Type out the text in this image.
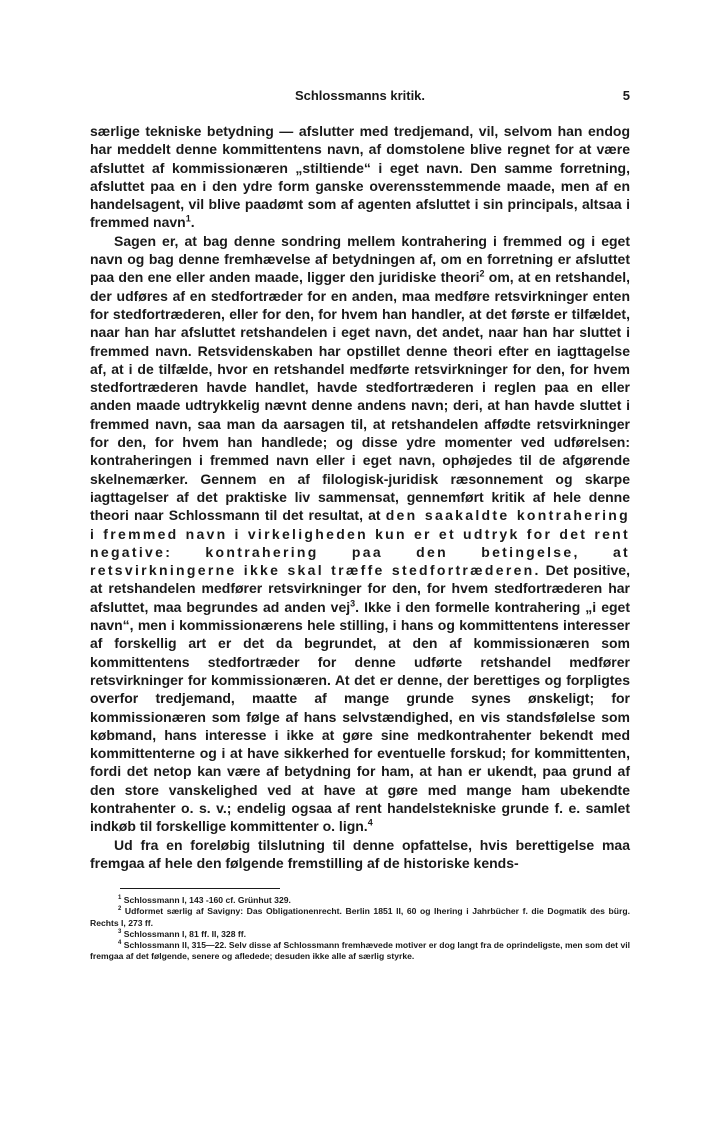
Schlossmanns kritik.	5

særlige tekniske betydning — afslutter med tredjemand, vil, selvom han endog har meddelt denne kommittentens navn, af domstolene blive regnet for at være afsluttet af kommissionæren „stiltiende“ i eget navn. Den samme forretning, afsluttet paa en i den ydre form ganske overensstemmende maade, men af en handelsagent, vil blive paadømt som af agenten afsluttet i sin principals, altsaa i fremmed navn$^1$.

Sagen er, at bag denne sondring mellem kontrahering i fremmed og i eget navn og bag denne fremhævelse af betydningen af, om en forretning er afsluttet paa den ene eller anden maade, ligger den juridiske theori$^2$ om, at en retshandel, der udføres af en stedfortræder for en anden, maa medføre retsvirkninger enten for stedfortræderen, eller for den, for hvem han handler, at det første er tilfældet, naar han har afsluttet retshandelen i eget navn, det andet, naar han har sluttet i fremmed navn. Retsvidenskaben har opstillet denne theori efter en iagttagelse af, at i de tilfælde, hvor en retshandel medførte retsvirkninger for den, for hvem stedfortræderen havde handlet, havde stedfortræderen i reglen paa en eller anden maade udtrykkelig nævnt denne andens navn; deri, at han havde sluttet i fremmed navn, saa man da aarsagen til, at retshandelen affødte retsvirkninger for den, for hvem han handlede; og disse ydre momenter ved udførelsen: kontraheringen i fremmed navn eller i eget navn, ophøjedes til de afgørende skelnemærker. Gennem en af filologisk-juridisk ræsonnement og skarpe iagttagelser af det praktiske liv sammensat, gennemført kritik af hele denne theori naar Schlossmann til det resultat, at den saakaldte kontrahering i fremmed navn i virkeligheden kun er et udtryk for det rent negative: kontrahering paa den betingelse, at retsvirkningerne ikke skal træffe stedfortræderen. Det positive, at retshandelen medfører retsvirkninger for den, for hvem stedfortræderen har afsluttet, maa begrundes ad anden vej$^3$. Ikke i den formelle kontrahering „i eget navn“, men i kommissionærens hele stilling, i hans og kommittentens interesser af forskellig art er det da begrundet, at den af kommissionæren som kommittentens stedfortræder for denne udførte retshandel medfører retsvirkninger for kommissionæren. At det er denne, der berettiges og forpligtes overfor tredjemand, maatte af mange grunde synes ønskeligt; for kommissionæren som følge af hans selvstændighed, en vis standsfølelse som købmand, hans interesse i ikke at gøre sine medkontrahenter bekendt med kommittenterne og i at have sikkerhed for eventuelle forskud; for kommittenten, fordi det netop kan være af betydning for ham, at han er ukendt, paa grund af den store vanskelighed ved at have at gøre med mange ham ubekendte kontrahenter o. s. v.; endelig ogsaa af rent handelstekniske grunde f. e. samlet indkøb til forskellige kommittenter o. lign.$^4$

Ud fra en foreløbig tilslutning til denne opfattelse, hvis berettigelse maa fremgaa af hele den følgende fremstilling af de historiske kends-

$^1$ Schlossmann I, 143 -160 cf. Grünhut 329.
$^2$ Udformet særlig af Savigny: Das Obligationenrecht. Berlin 1851 II, 60 og Ihering i Jahrbücher f. die Dogmatik des bürg. Rechts I, 273 ff.
$^3$ Schlossmann I, 81 ff. II, 328 ff.
$^4$ Schlossmann II, 315—22. Selv disse af Schlossmann fremhævede motiver er dog langt fra de oprindeligste, men som det vil fremgaa af det følgende, senere og afledede; desuden ikke alle af særlig styrke.
